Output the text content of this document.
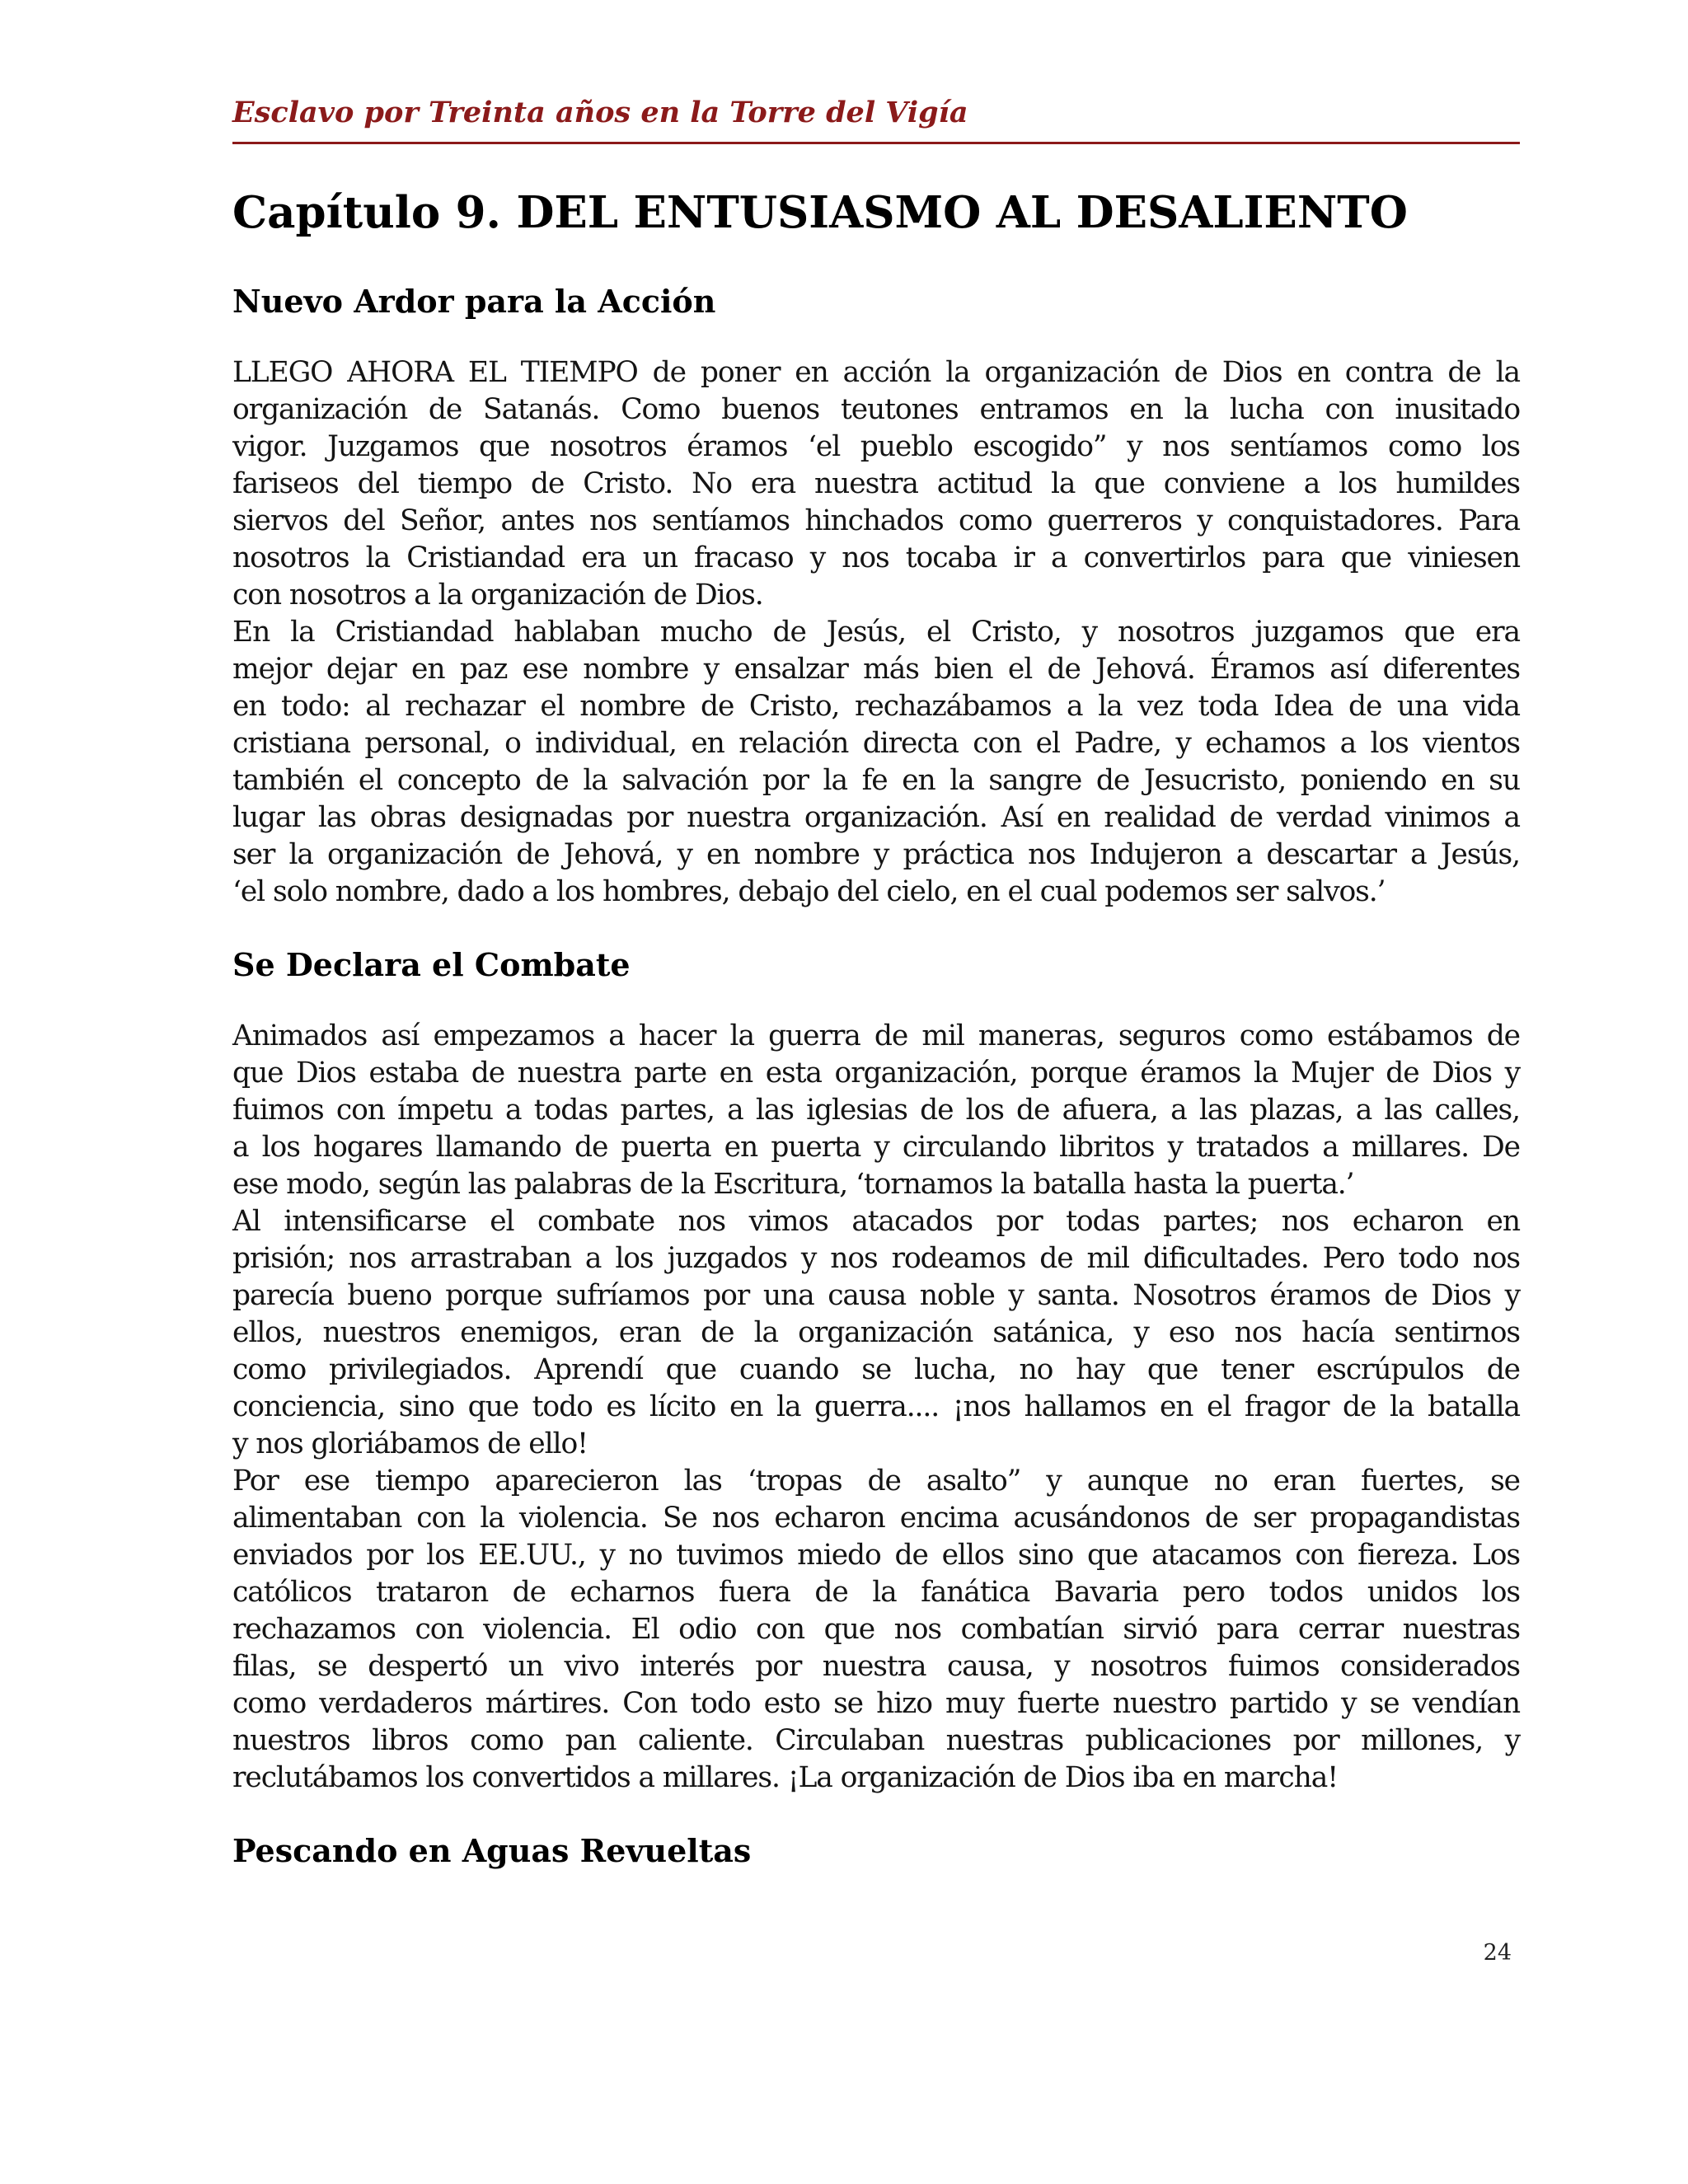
Esclavo por Treinta años en la Torre del Vigía
Capítulo 9. DEL ENTUSIASMO AL DESALIENTO
Nuevo Ardor para la Acción
LLEGO AHORA EL TIEMPO de poner en acción la organización de Dios en contra de la
organización de Satanás. Como buenos teutones entramos en la lucha con inusitado
vigor. Juzgamos que nosotros éramos ‘el pueblo escogido” y nos sentíamos como los
fariseos del tiempo de Cristo. No era nuestra actitud la que conviene a los humildes
siervos del Señor, antes nos sentíamos hinchados como guerreros y conquistadores. Para
nosotros la Cristiandad era un fracaso y nos tocaba ir a convertirlos para que viniesen
con nosotros a la organización de Dios.
En la Cristiandad hablaban mucho de Jesús, el Cristo, y nosotros juzgamos que era
mejor dejar en paz ese nombre y ensalzar más bien el de Jehová. Éramos así diferentes
en todo: al rechazar el nombre de Cristo, rechazábamos a la vez toda Idea de una vida
cristiana personal, o individual, en relación directa con el Padre, y echamos a los vientos
también el concepto de la salvación por la fe en la sangre de Jesucristo, poniendo en su
lugar las obras designadas por nuestra organización. Así en realidad de verdad vinimos a
ser la organización de Jehová, y en nombre y práctica nos Indujeron a descartar a Jesús,
‘el solo nombre, dado a los hombres, debajo del cielo, en el cual podemos ser salvos.’
Se Declara el Combate
Animados así empezamos a hacer la guerra de mil maneras, seguros como estábamos de
que Dios estaba de nuestra parte en esta organización, porque éramos la Mujer de Dios y
fuimos con ímpetu a todas partes, a las iglesias de los de afuera, a las plazas, a las calles,
a los hogares llamando de puerta en puerta y circulando libritos y tratados a millares. De
ese modo, según las palabras de la Escritura, ‘tornamos la batalla hasta la puerta.’
Al intensificarse el combate nos vimos atacados por todas partes; nos echaron en
prisión; nos arrastraban a los juzgados y nos rodeamos de mil dificultades. Pero todo nos
parecía bueno porque sufríamos por una causa noble y santa. Nosotros éramos de Dios y
ellos, nuestros enemigos, eran de la organización satánica, y eso nos hacía sentirnos
como privilegiados. Aprendí que cuando se lucha, no hay que tener escrúpulos de
conciencia, sino que todo es lícito en la guerra.... ¡nos hallamos en el fragor de la batalla
y nos gloriábamos de ello!
Por ese tiempo aparecieron las ‘tropas de asalto” y aunque no eran fuertes, se
alimentaban con la violencia. Se nos echaron encima acusándonos de ser propagandistas
enviados por los EE.UU., y no tuvimos miedo de ellos sino que atacamos con fiereza. Los
católicos trataron de echarnos fuera de la fanática Bavaria pero todos unidos los
rechazamos con violencia. El odio con que nos combatían sirvió para cerrar nuestras
filas, se despertó un vivo interés por nuestra causa, y nosotros fuimos considerados
como verdaderos mártires. Con todo esto se hizo muy fuerte nuestro partido y se vendían
nuestros libros como pan caliente. Circulaban nuestras publicaciones por millones, y
reclutábamos los convertidos a millares. ¡La organización de Dios iba en marcha!
Pescando en Aguas Revueltas
24
